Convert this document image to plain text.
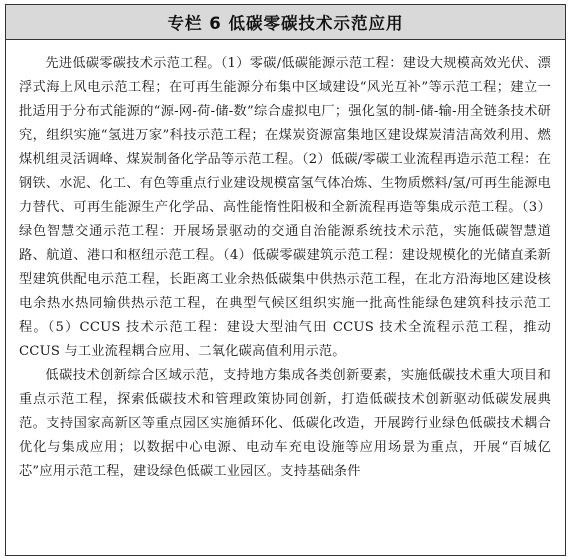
专栏 6 低碳零碳技术示范应用

先进低碳零碳技术示范工程。（1）零碳/低碳能源示范工程：建设大规模高效光伏、漂浮式海上风电示范工程；在可再生能源分布集中区域建设“风光互补”等示范工程；建立一批适用于分布式能源的“源-网-荷-储-数”综合虚拟电厂；强化氢的制-储-输-用全链条技术研究，组织实施“氢进万家”科技示范工程；在煤炭资源富集地区建设煤炭清洁高效利用、燃煤机组灵活调峰、煤炭制备化学品等示范工程。（2）低碳/零碳工业流程再造示范工程：在钢铁、水泥、化工、有色等重点行业建设规模富氢气体冶炼、生物质燃料/氢/可再生能源电力替代、可再生能源生产化学品、高性能惰性阳极和全新流程再造等集成示范工程。（3）绿色智慧交通示范工程：开展场景驱动的交通自治能源系统技术示范，实施低碳智慧道路、航道、港口和枢纽示范工程。（4）低碳零碳建筑示范工程：建设规模化的光储直柔新型建筑供配电示范工程，长距离工业余热低碳集中供热示范工程，在北方沿海地区建设核电余热水热同输供热示范工程，在典型气候区组织实施一批高性能绿色建筑科技示范工程。（5）CCUS 技术示范工程：建设大型油气田 CCUS 技术全流程示范工程，推动 CCUS 与工业流程耦合应用、二氧化碳高值利用示范。

低碳技术创新综合区域示范，支持地方集成各类创新要素，实施低碳技术重大项目和重点示范工程，探索低碳技术和管理政策协同创新，打造低碳技术创新驱动低碳发展典范。支持国家高新区等重点园区实施循环化、低碳化改造，开展跨行业绿色低碳技术耦合优化与集成应用；以数据中心电源、电动车充电设施等应用场景为重点，开展“百城亿芯”应用示范工程，建设绿色低碳工业园区。支持基础条件
